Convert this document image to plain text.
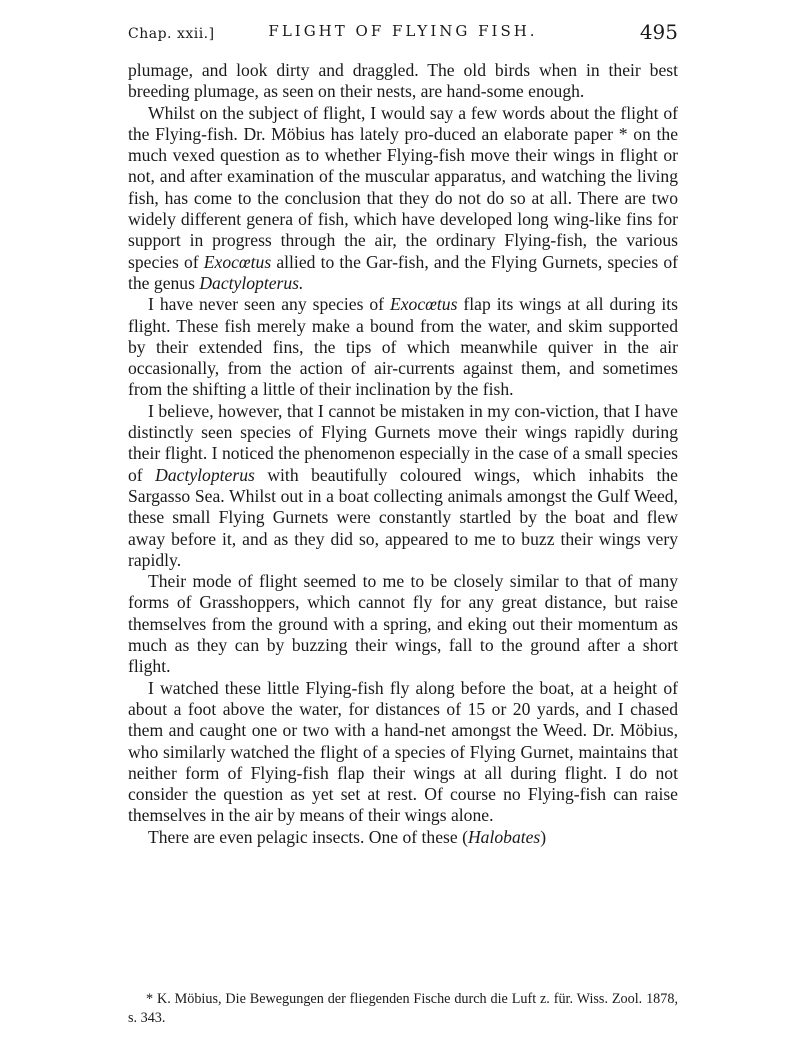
Chap. xxii.]	FLIGHT OF FLYING FISH.	495

plumage, and look dirty and draggled. The old birds when in their best breeding plumage, as seen on their nests, are hand-some enough.

Whilst on the subject of flight, I would say a few words about the flight of the Flying-fish. Dr. Möbius has lately pro-duced an elaborate paper * on the much vexed question as to whether Flying-fish move their wings in flight or not, and after examination of the muscular apparatus, and watching the living fish, has come to the conclusion that they do not do so at all. There are two widely different genera of fish, which have developed long wing-like fins for support in progress through the air, the ordinary Flying-fish, the various species of Exocœtus allied to the Gar-fish, and the Flying Gurnets, species of the genus Dactylopterus.

I have never seen any species of Exocœtus flap its wings at all during its flight. These fish merely make a bound from the water, and skim supported by their extended fins, the tips of which meanwhile quiver in the air occasionally, from the action of air-currents against them, and sometimes from the shifting a little of their inclination by the fish.

I believe, however, that I cannot be mistaken in my con-viction, that I have distinctly seen species of Flying Gurnets move their wings rapidly during their flight. I noticed the phenomenon especially in the case of a small species of Dactylopterus with beautifully coloured wings, which inhabits the Sargasso Sea. Whilst out in a boat collecting animals amongst the Gulf Weed, these small Flying Gurnets were constantly startled by the boat and flew away before it, and as they did so, appeared to me to buzz their wings very rapidly.

Their mode of flight seemed to me to be closely similar to that of many forms of Grasshoppers, which cannot fly for any great distance, but raise themselves from the ground with a spring, and eking out their momentum as much as they can by buzzing their wings, fall to the ground after a short flight.

I watched these little Flying-fish fly along before the boat, at a height of about a foot above the water, for distances of 15 or 20 yards, and I chased them and caught one or two with a hand-net amongst the Weed. Dr. Möbius, who similarly watched the flight of a species of Flying Gurnet, maintains that neither form of Flying-fish flap their wings at all during flight. I do not consider the question as yet set at rest. Of course no Flying-fish can raise themselves in the air by means of their wings alone.

There are even pelagic insects. One of these (Halobates)

* K. Möbius, Die Bewegungen der fliegenden Fische durch die Luft z. für. Wiss. Zool. 1878, s. 343.
